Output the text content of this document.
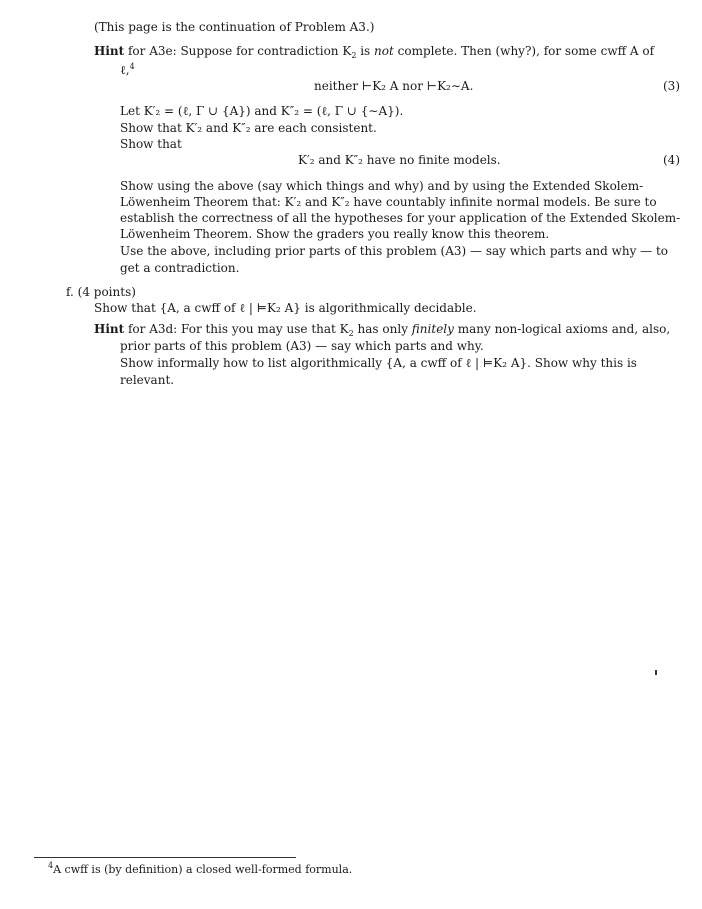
(This page is the continuation of Problem A3.)
Hint for A3e: Suppose for contradiction $K_2$ is not complete. Then (why?), for some cwff A of
ℓ,$^4$
neither ⊢K₂ A nor ⊢K₂∼A.	(3)
Let K′₂ = (ℓ, Γ ∪ {A}) and K″₂ = (ℓ, Γ ∪ {∼A}).
Show that K′₂ and K″₂ are each consistent.
Show that
K′₂ and K″₂ have no finite models.	(4)
Show using the above (say which things and why) and by using the Extended Skolem-
Löwenheim Theorem that: K′₂ and K″₂ have countably infinite normal models. Be sure to
establish the correctness of all the hypotheses for your application of the Extended Skolem-
Löwenheim Theorem. Show the graders you really know this theorem.
Use the above, including prior parts of this problem (A3) — say which parts and why — to
get a contradiction.
f. (4 points)
Show that {A, a cwff of ℓ | ⊨K₂ A} is algorithmically decidable.
Hint for A3d: For this you may use that $K_2$ has only finitely many non-logical axioms and, also,
prior parts of this problem (A3) — say which parts and why.
Show informally how to list algorithmically {A, a cwff of ℓ | ⊨K₂ A}. Show why this is
relevant.
$^4$A cwff is (by definition) a closed well-formed formula.
